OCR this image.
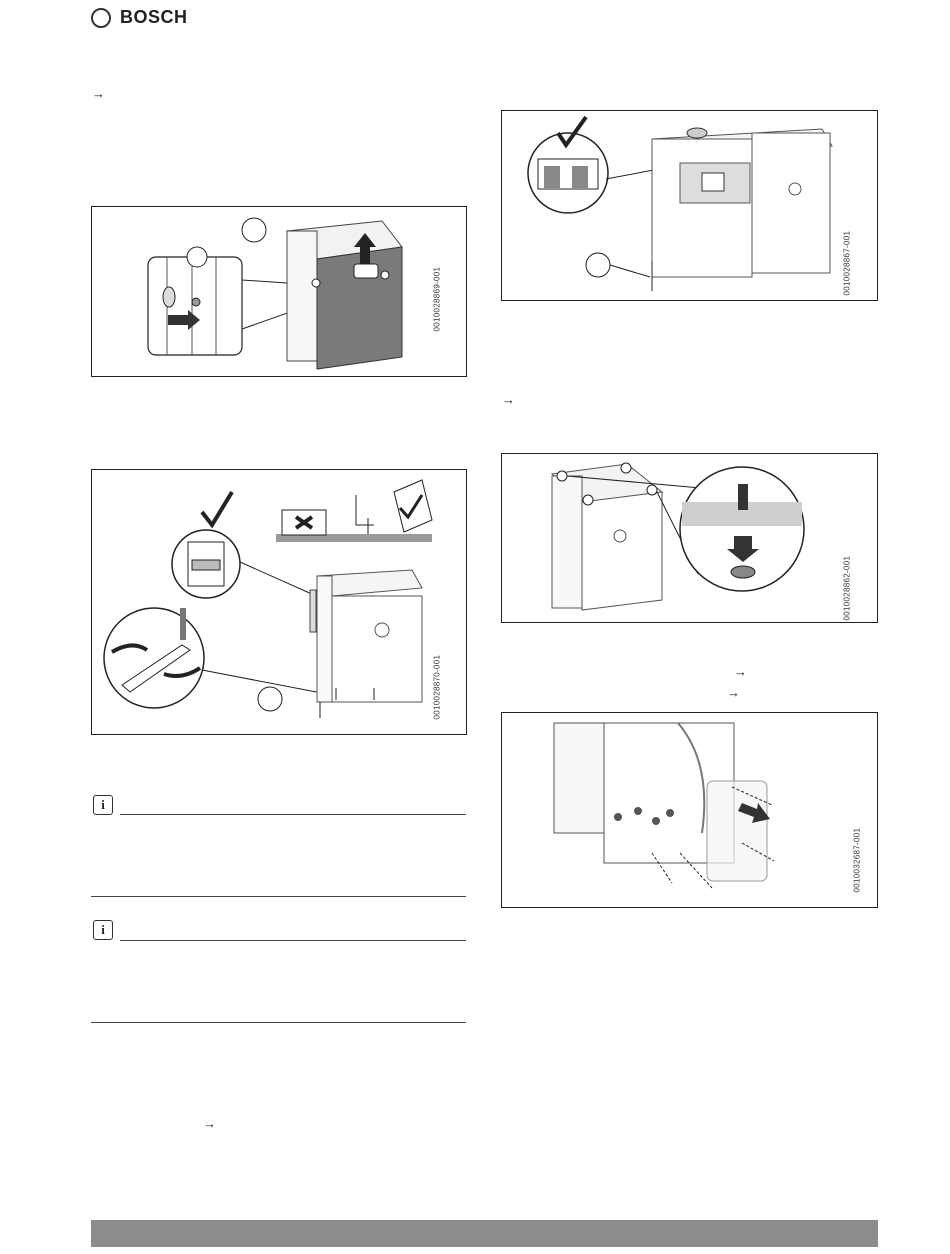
BOSCH
→
0010028869-001
0010028870-001
i
i
→
0010028867-001
→
0010028862-001
→
→
0010032687-001
